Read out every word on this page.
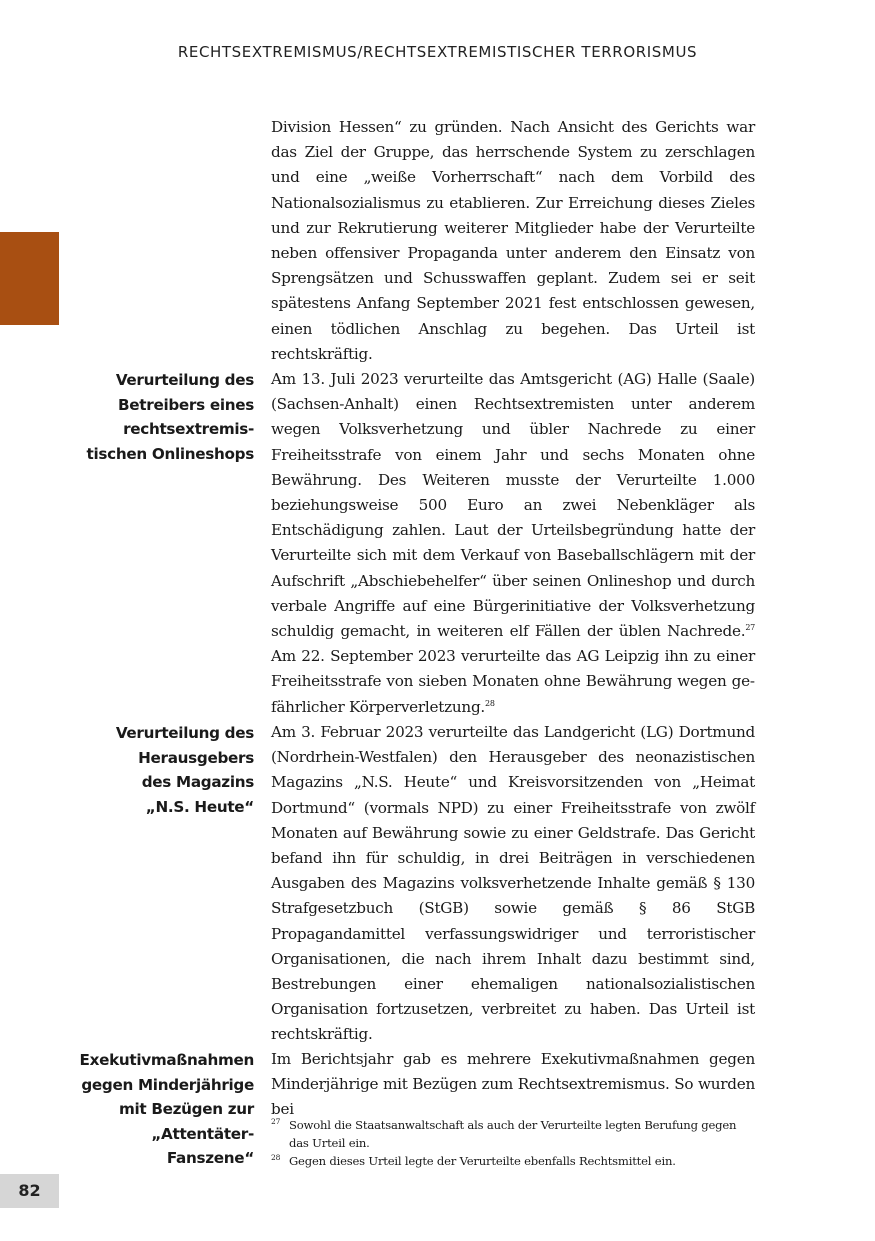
RECHTSEXTREMISMUS/RECHTSEXTREMISTISCHER TERRORISMUS

Division Hessen“ zu gründen. Nach Ansicht des Gerichts war das Ziel der Gruppe, das herrschende System zu zerschlagen und eine „weiße Vorherrschaft“ nach dem Vorbild des Nationalsozialismus zu etablieren. Zur Erreichung dieses Zieles und zur Rekrutierung weiterer Mitglieder habe der Verurteilte neben offensiver Propaganda unter anderem den Einsatz von Sprengsätzen und Schusswaffen geplant. Zudem sei er seit spätestens Anfang September 2021 fest entschlossen gewesen, einen tödlichen Anschlag zu begehen. Das Urteil ist rechtskräftig.

Verurteilung des
Betreibers eines
rechtsextremis-
tischen Onlineshops

Am 13. Juli 2023 verurteilte das Amtsgericht (AG) Halle (Saale) (Sachsen-Anhalt) einen Rechtsextremisten unter anderem wegen Volksverhetzung und übler Nachrede zu einer Freiheitsstrafe von einem Jahr und sechs Monaten ohne Bewährung. Des Weiteren musste der Verurteilte 1.000 beziehungsweise 500 Euro an zwei Nebenkläger als Entschädigung zahlen. Laut der Urteilsbegründung hatte der Verurteilte sich mit dem Verkauf von Baseballschlägern mit der Aufschrift „Abschiebehelfer“ über seinen Onlineshop und durch verbale Angriffe auf eine Bürgerinitiative der Volksverhetzung schuldig gemacht, in weiteren elf Fällen der üblen Nachrede.$^{27}$ Am 22. September 2023 verurteilte das AG Leipzig ihn zu einer Freiheitsstrafe von sieben Monaten ohne Bewährung wegen gefährlicher Körperverletzung.$^{28}$

Verurteilung des
Herausgebers
des Magazins
„N.S. Heute“

Am 3. Februar 2023 verurteilte das Landgericht (LG) Dortmund (Nordrhein-Westfalen) den Herausgeber des neonazistischen Magazins „N.S. Heute“ und Kreisvorsitzenden von „Heimat Dortmund“ (vormals NPD) zu einer Freiheitsstrafe von zwölf Monaten auf Bewährung sowie zu einer Geldstrafe. Das Gericht befand ihn für schuldig, in drei Beiträgen in verschiedenen Ausgaben des Magazins volksverhetzende Inhalte gemäß § 130 Strafgesetzbuch (StGB) sowie gemäß § 86 StGB Propagandamittel verfassungswidriger und terroristischer Organisationen, die nach ihrem Inhalt dazu bestimmt sind, Bestrebungen einer ehemaligen nationalsozialistischen Organisation fortzusetzen, verbreitet zu haben. Das Urteil ist rechtskräftig.

Exekutivmaßnahmen
gegen Minderjährige
mit Bezügen zur
„Attentäter-
Fanszene“

Im Berichtsjahr gab es mehrere Exekutivmaßnahmen gegen Minderjährige mit Bezügen zum Rechtsextremismus. So wurden bei

27 Sowohl die Staatsanwaltschaft als auch der Verurteilte legten Berufung gegen das Urteil ein.
28 Gegen dieses Urteil legte der Verurteilte ebenfalls Rechtsmittel ein.
82
